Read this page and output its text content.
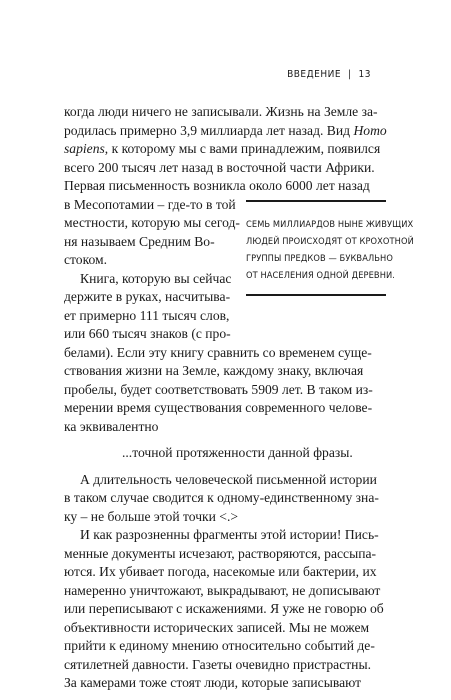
ВВЕДЕНИЕ | 13
когда люди ничего не записывали. Жизнь на Земле за-
родилась примерно 3,9 миллиарда лет назад. Вид Homo
sapiens, к которому мы с вами принадлежим, появился
всего 200 тысяч лет назад в восточной части Африки.
Первая письменность возникла около 6000 лет назад
в Месопотамии – где-то в той
местности, которую мы сегод-
ня называем Средним Во-
стоком.
Книга, которую вы сейчас
держите в руках, насчитыва-
ет примерно 111 тысяч слов,
или 660 тысяч знаков (с про-
белами). Если эту книгу сравнить со временем суще-
ствования жизни на Земле, каждому знаку, включая
пробелы, будет соответствовать 5909 лет. В таком из-
мерении время существования современного челове-
ка эквивалентно
...точной протяженности данной фразы.
А длительность человеческой письменной истории
в таком случае сводится к одному-единственному зна-
ку – не больше этой точки <.>
И как разрозненны фрагменты этой истории! Пись-
менные документы исчезают, растворяются, рассыпа-
ются. Их убивает погода, насекомые или бактерии, их
намеренно уничтожают, выкрадывают, не дописывают
или переписывают с искажениями. Я уже не говорю об
объективности исторических записей. Мы не можем
прийти к единому мнению относительно событий де-
СЕМЬ МИЛЛИАРДОВ НЫНЕ ЖИВУЩИХ
ЛЮДЕЙ ПРОИСХОДЯТ ОТ КРОХОТНОЙ
ГРУППЫ ПРЕДКОВ — БУКВАЛЬНО
ОТ НАСЕЛЕНИЯ ОДНОЙ ДЕРЕВНИ.
сятилетней давности. Газеты очевидно пристрастны.
За камерами тоже стоят люди, которые записывают
